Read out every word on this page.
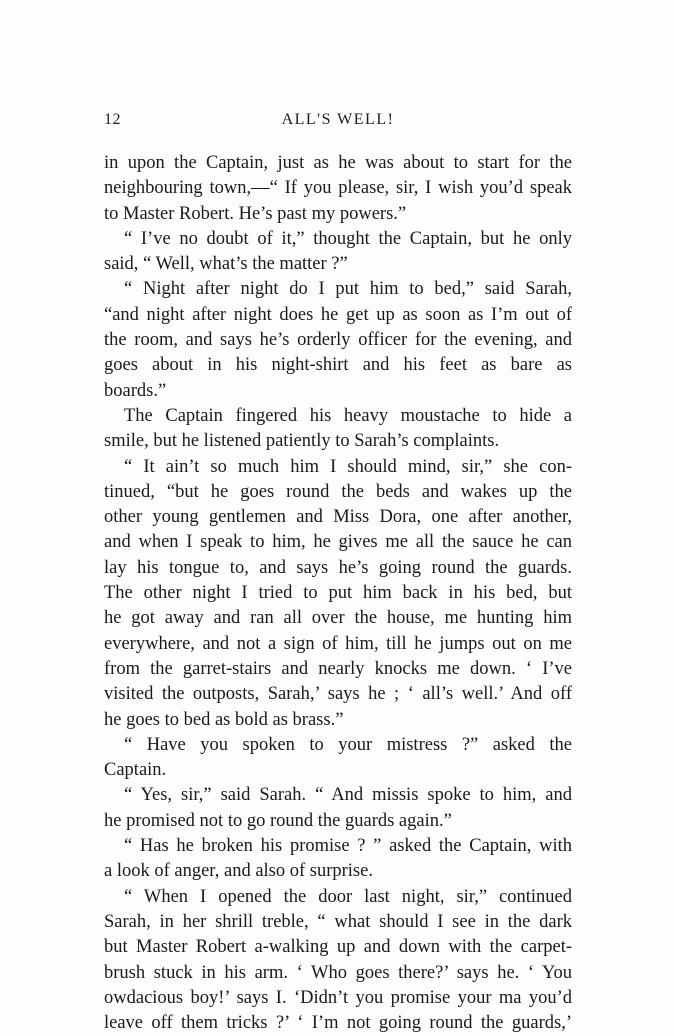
12	ALL'S WELL!
in upon the Captain, just as he was about to start for the
neighbouring town,—“ If you please, sir, I wish you’d speak
to Master Robert. He’s past my powers.”
“ I’ve no doubt of it,” thought the Captain, but he only
said, “ Well, what’s the matter ?”
“ Night after night do I put him to bed,” said Sarah,
“and night after night does he get up as soon as I’m out of
the room, and says he’s orderly officer for the evening, and
goes about in his night-shirt and his feet as bare as
boards.”
The Captain fingered his heavy moustache to hide a
smile, but he listened patiently to Sarah’s complaints.
“ It ain’t so much him I should mind, sir,” she con-
tinued, “but he goes round the beds and wakes up the
other young gentlemen and Miss Dora, one after another,
and when I speak to him, he gives me all the sauce he can
lay his tongue to, and says he’s going round the guards.
The other night I tried to put him back in his bed, but
he got away and ran all over the house, me hunting him
everywhere, and not a sign of him, till he jumps out on me
from the garret-stairs and nearly knocks me down. ‘ I’ve
visited the outposts, Sarah,’ says he ; ‘ all’s well.’ And off
he goes to bed as bold as brass.”
“ Have you spoken to your mistress ?” asked the
Captain.
“ Yes, sir,” said Sarah. “ And missis spoke to him, and
he promised not to go round the guards again.”
“ Has he broken his promise ? ” asked the Captain, with
a look of anger, and also of surprise.
“ When I opened the door last night, sir,” continued
Sarah, in her shrill treble, “ what should I see in the dark
but Master Robert a-walking up and down with the carpet-
brush stuck in his arm. ‘ Who goes there?’ says he. ‘ You
owdacious boy!’ says I. ‘Didn’t you promise your ma you’d
leave off them tricks ?’ ‘ I’m not going round the guards,’
